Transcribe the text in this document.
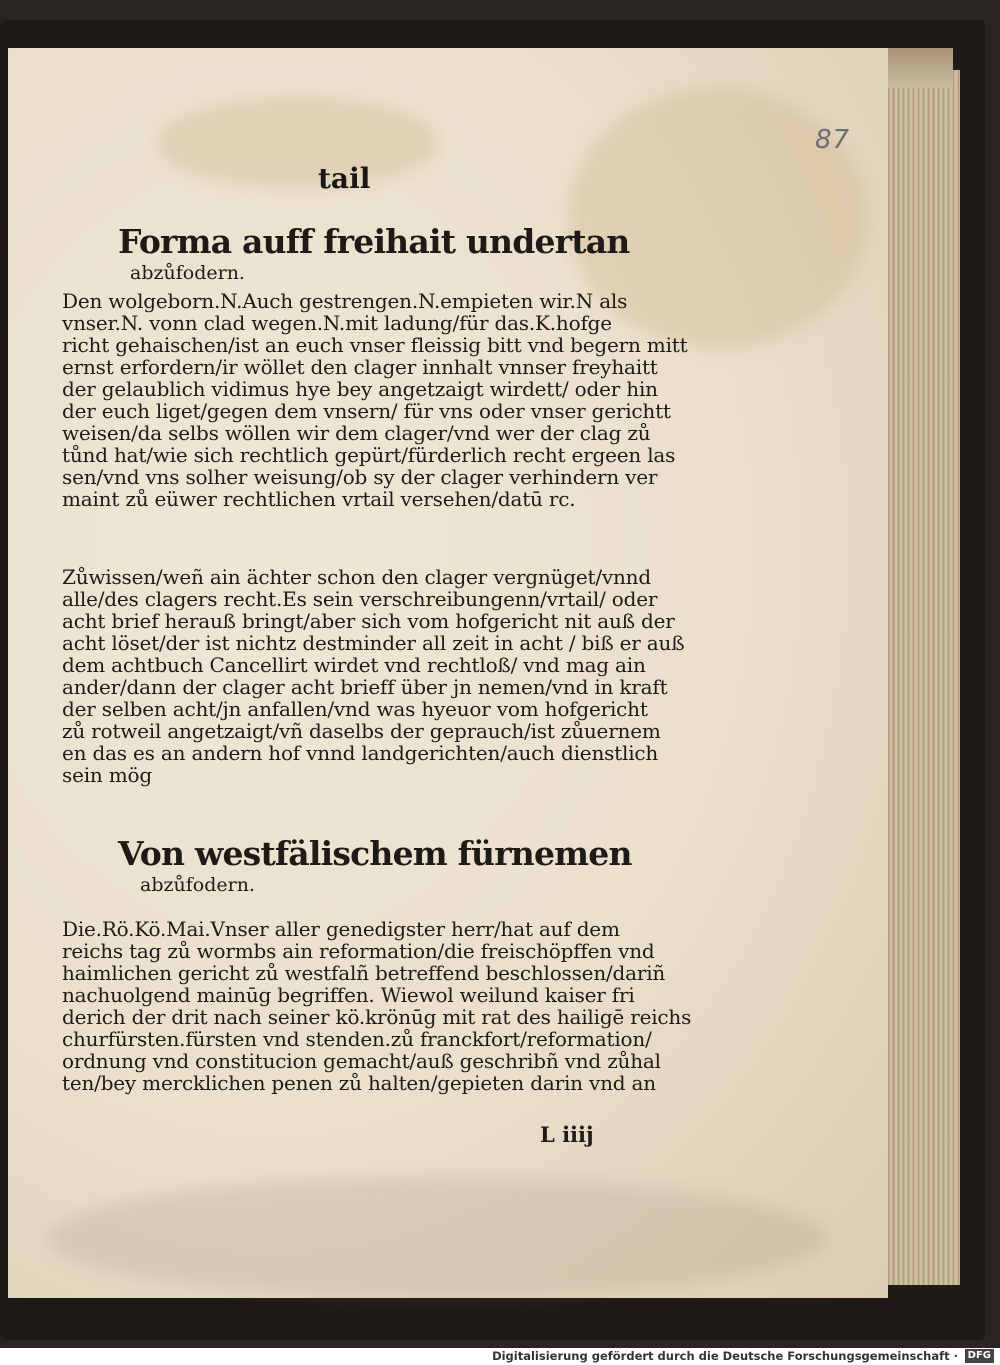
87
tail
Forma auff freihait undertan
abzůfodern.
Den wolgeborn.N.Auch gestrengen.N.empieten wir.N als
vnser.N. vonn clad wegen.N.mit ladung/für das.K.hofge
richt gehaischen/ist an euch vnser fleissig bitt vnd begern mitt
ernst erfordern/ir wöllet den clager innhalt vnnser freyhaitt
der gelaublich vidimus hye bey angetzaigt wirdett/ oder hin
der euch liget/gegen dem vnsern/ für vns oder vnser gerichtt
weisen/da selbs wöllen wir dem clager/vnd wer der clag zů
tůnd hat/wie sich rechtlich gepürt/fürderlich recht ergeen las
sen/vnd vns solher weisung/ob sy der clager verhindern ver
maint zů eüwer rechtlichen vrtail versehen/datū rc.
Zůwissen/weñ ain ächter schon den clager vergnüget/vnnd
alle/des clagers recht.Es sein verschreibungenn/vrtail/ oder
acht brief herauß bringt/aber sich vom hofgericht nit auß der
acht löset/der ist nichtz destminder all zeit in acht / biß er auß
dem achtbuch Cancellirt wirdet vnd rechtloß/ vnd mag ain
ander/dann der clager acht brieff über jn nemen/vnd in kraft
der selben acht/jn anfallen/vnd was hyeuor vom hofgericht
zů rotweil angetzaigt/vñ daselbs der geprauch/ist zůuernem
en das es an andern hof vnnd landgerichten/auch dienstlich
sein mög
Von westfälischem fürnemen
abzůfodern.
Die.Rö.Kö.Mai.Vnser aller genedigster herr/hat auf dem
reichs tag zů wormbs ain reformation/die freischöpffen vnd
haimlichen gericht zů westfalñ betreffend beschlossen/dariñ
nachuolgend mainūg begriffen. Wiewol weilund kaiser fri
derich der drit nach seiner kö.krönūg mit rat des hailigē reichs
churfürsten.fürsten vnd stenden.zů franckfort/reformation/
ordnung vnd constitucion gemacht/auß geschribñ vnd zůhal
ten/bey mercklichen penen zů halten/gepieten darin vnd an
L iiij
Digitalisierung gefördert durch die Deutsche Forschungsgemeinschaft · DFG
